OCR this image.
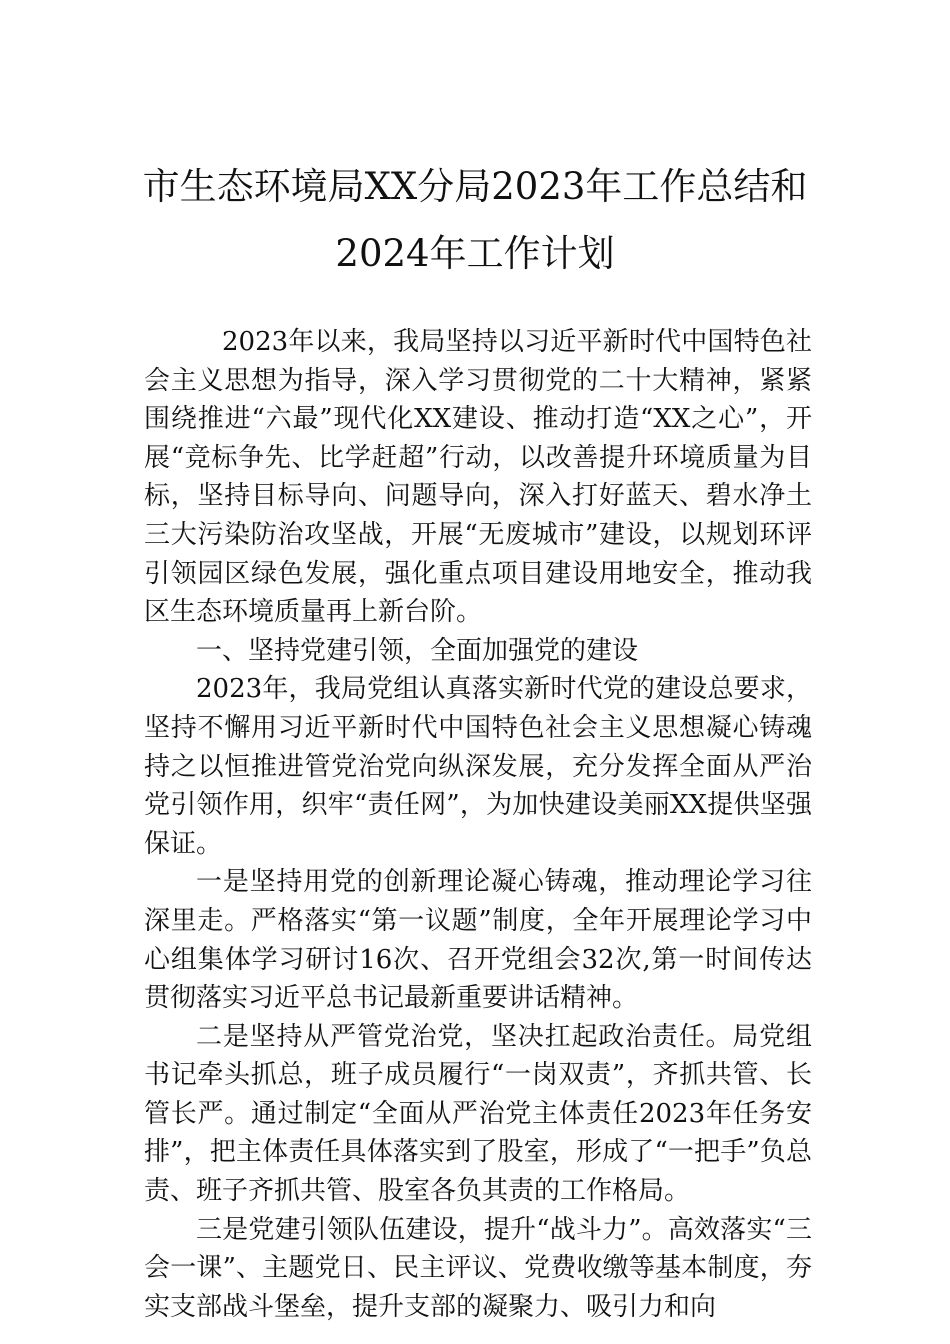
市生态环境局XX分局2023年工作总结和
2024年工作计划

2023年以来，我局坚持以习近平新时代中国特色社会主义思想为指导，深入学习贯彻党的二十大精神，紧紧围绕推进“六最”现代化XX建设、推动打造“XX之心”，开展“竞标争先、比学赶超”行动，以改善提升环境质量为目标，坚持目标导向、问题导向，深入打好蓝天、碧水净土三大污染防治攻坚战，开展“无废城市”建设，以规划环评引领园区绿色发展，强化重点项目建设用地安全，推动我区生态环境质量再上新台阶。

一、坚持党建引领，全面加强党的建设

2023年，我局党组认真落实新时代党的建设总要求，坚持不懈用习近平新时代中国特色社会主义思想凝心铸魂持之以恒推进管党治党向纵深发展，充分发挥全面从严治党引领作用，织牢“责任网”，为加快建设美丽XX提供坚强保证。

一是坚持用党的创新理论凝心铸魂，推动理论学习往深里走。严格落实“第一议题”制度，全年开展理论学习中心组集体学习研讨16次、召开党组会32次,第一时间传达贯彻落实习近平总书记最新重要讲话精神。

二是坚持从严管党治党，坚决扛起政治责任。局党组书记牵头抓总，班子成员履行“一岗双责”，齐抓共管、长管长严。通过制定“全面从严治党主体责任2023年任务安排”，把主体责任具体落实到了股室，形成了“一把手”负总责、班子齐抓共管、股室各负其责的工作格局。

三是党建引领队伍建设，提升“战斗力”。高效落实“三会一课”、主题党日、民主评议、党费收缴等基本制度，夯实支部战斗堡垒，提升支部的凝聚力、吸引力和向
